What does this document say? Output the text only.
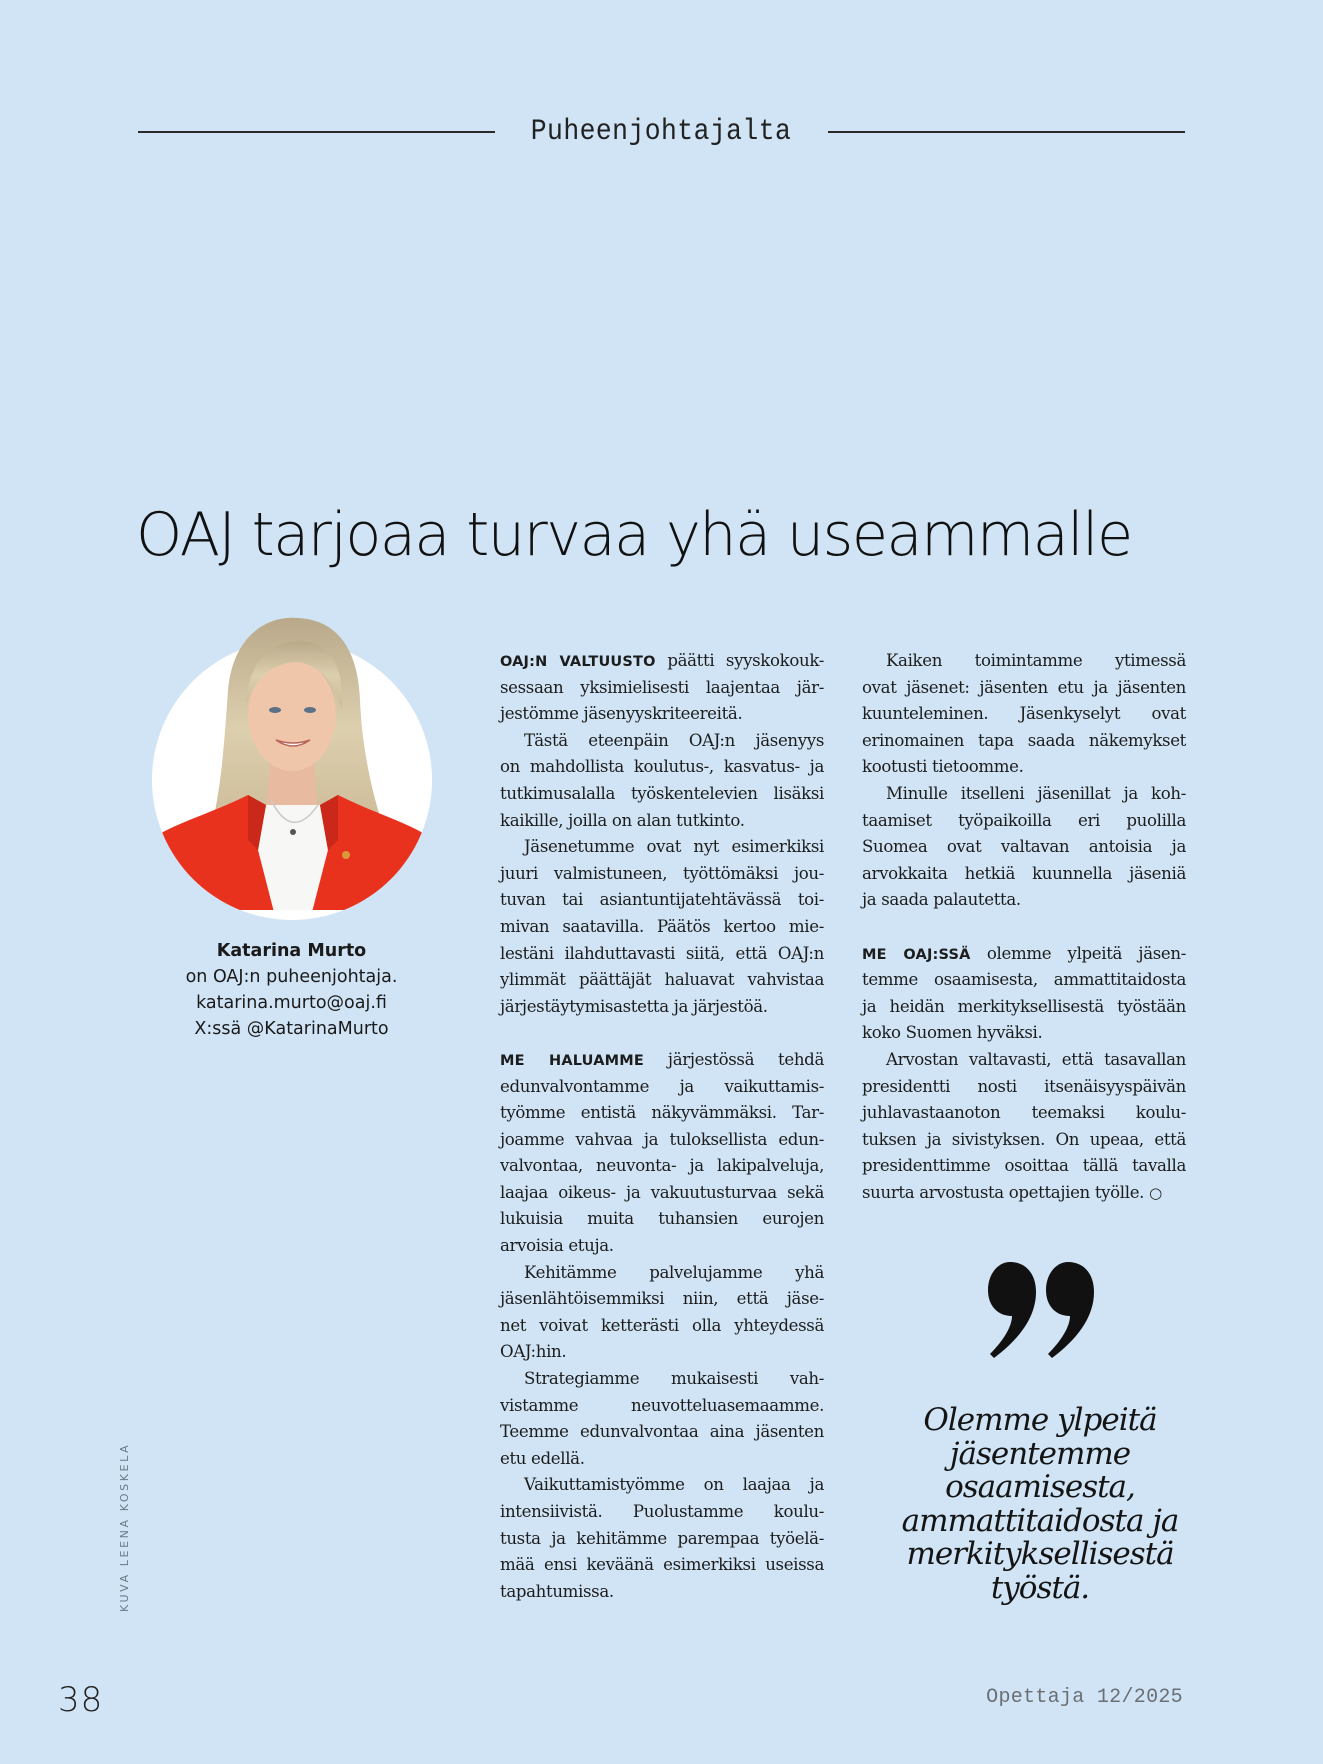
Puheenjohtajalta
OAJ tarjoaa turvaa yhä useammalle
Katarina Murto
on OAJ:n puheenjohtaja.
katarina.murto@oaj.fi
X:ssä @KatarinaMurto
OAJ:N VALTUUSTO päätti syyskokouk-
sessaan yksimielisesti laajentaa jär-
jestömme jäsenyyskriteereitä.
Tästä eteenpäin OAJ:n jäsenyys
on mahdollista koulutus-, kasvatus- ja
tutkimusalalla työskentelevien lisäksi
kaikille, joilla on alan tutkinto.
Jäsenetumme ovat nyt esimerkiksi
juuri valmistuneen, työttömäksi jou-
tuvan tai asiantuntijatehtävässä toi-
mivan saatavilla. Päätös kertoo mie-
lestäni ilahduttavasti siitä, että OAJ:n
ylimmät päättäjät haluavat vahvistaa
järjestäytymisastetta ja järjestöä.
ME HALUAMME järjestössä tehdä
edunvalvontamme ja vaikuttamis-
työmme entistä näkyvämmäksi. Tar-
joamme vahvaa ja tuloksellista edun-
valvontaa, neuvonta- ja lakipalveluja,
laajaa oikeus- ja vakuutusturvaa sekä
lukuisia muita tuhansien eurojen
arvoisia etuja.
Kehitämme palvelujamme yhä
jäsenlähtöisemmiksi niin, että jäse-
net voivat ketterästi olla yhteydessä
OAJ:hin.
Strategiamme mukaisesti vah-
vistamme neuvotteluasemaamme.
Teemme edunvalvontaa aina jäsenten
etu edellä.
Vaikuttamistyömme on laajaa ja
intensiivistä. Puolustamme koulu-
tusta ja kehitämme parempaa työelä-
mää ensi keväänä esimerkiksi useissa
tapahtumissa.
Kaiken toimintamme ytimessä
ovat jäsenet: jäsenten etu ja jäsenten
kuunteleminen. Jäsenkyselyt ovat
erinomainen tapa saada näkemykset
kootusti tietoomme.
Minulle itselleni jäsenillat ja koh-
taamiset työpaikoilla eri puolilla
Suomea ovat valtavan antoisia ja
arvokkaita hetkiä kuunnella jäseniä
ja saada palautetta.
ME OAJ:SSÄ olemme ylpeitä jäsen-
temme osaamisesta, ammattitaidosta
ja heidän merkityksellisestä työstään
koko Suomen hyväksi.
Arvostan valtavasti, että tasavallan
presidentti nosti itsenäisyyspäivän
juhlavastaanoton teemaksi koulu-
tuksen ja sivistyksen. On upeaa, että
presidenttimme osoittaa tällä tavalla
suurta arvostusta opettajien työlle. ○
Olemme ylpeitä
jäsentemme
osaamisesta,
ammattitaidosta ja
merkityksellisestä
työstä.
KUVA LEENA KOSKELA
38	Opettaja 12/2025
